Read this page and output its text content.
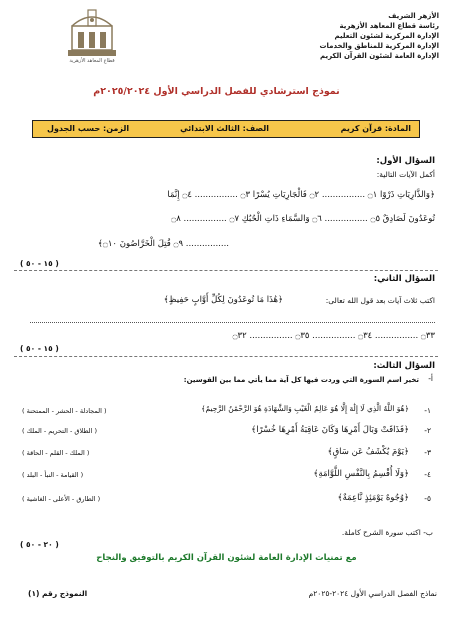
الأزهر الشريف
رئاسة قطاع المعاهد الأزهرية
الإدارة المركزية لشئون التعليم
الإدارة المركزية للمناطق والخدمات
الإدارة العامة لشئون القرآن الكريم
قطاع المعاهد الأزهرية
نموذج استرشادي للفصل الدراسي الأول ٢٠٢٥/٢٠٢٤م
المادة: قرآن كريم
الصف: الثالث الابتدائي
الزمن: حسب الجدول
السؤال الأول:
أكمل الآيات التالية:
﴿وَالذَّارِيَاتِ ذَرْوًا ۝١ ................ ۝٢ فَالْجَارِيَاتِ يُسْرًا ۝٣ ................ ۝٤ إِنَّمَا
تُوعَدُونَ لَصَادِقٌ ۝٥ ................ ۝٦ وَالسَّمَاءِ ذَاتِ الْحُبُكِ ۝٧ ................ ۝٨
................ ۝٩ قُتِلَ الْخَرَّاصُونَ ۝١٠﴾
( ١٥ - ٥٠ )
السؤال الثاني:
اكتب ثلاث آيات بعد قول الله تعالى:
﴿هَٰذَا مَا تُوعَدُونَ لِكُلِّ أَوَّابٍ حَفِيظٍ﴾
۝٣٣ ................ ۝٣٤ ................ ۝٣٥ ................ ۝٣٢
( ١٥ - ٥٠ )
السؤال الثالث:
أ-
تخير اسم السورة التي وردت فيها كل آية مما يأتي مما بين القوسين:
١-
﴿هُوَ اللَّهُ الَّذِي لَا إِلَٰهَ إِلَّا هُوَ عَالِمُ الْغَيْبِ وَالشَّهَادَةِ هُوَ الرَّحْمَٰنُ الرَّحِيمُ﴾
( المجادلة - الحشر - الممتحنة )
٢-
﴿فَذَاقَتْ وَبَالَ أَمْرِهَا وَكَانَ عَاقِبَةُ أَمْرِهَا خُسْرًا﴾
( الطلاق - التحريم - الملك )
٣-
﴿يَوْمَ يُكْشَفُ عَن سَاقٍ﴾
( الملك - القلم - الحاقة )
٤-
﴿وَلَا أُقْسِمُ بِالنَّفْسِ اللَّوَّامَةِ﴾
( القيامة - النبأ - البلد )
٥-
﴿وُجُوهٌ يَوْمَئِذٍ نَّاعِمَةٌ﴾
( الطارق - الأعلى - الغاشية )
ب- اكتب سورة الشرح كاملة.
( ٢٠ - ٥٠ )
مع تمنيات الإدارة العامة لشئون القرآن الكريم بالتوفيق والنجاح
نماذج الفصل الدراسي الأول ٢٠٢٤-٢٠٢٥م
النموذج رقم (١)
